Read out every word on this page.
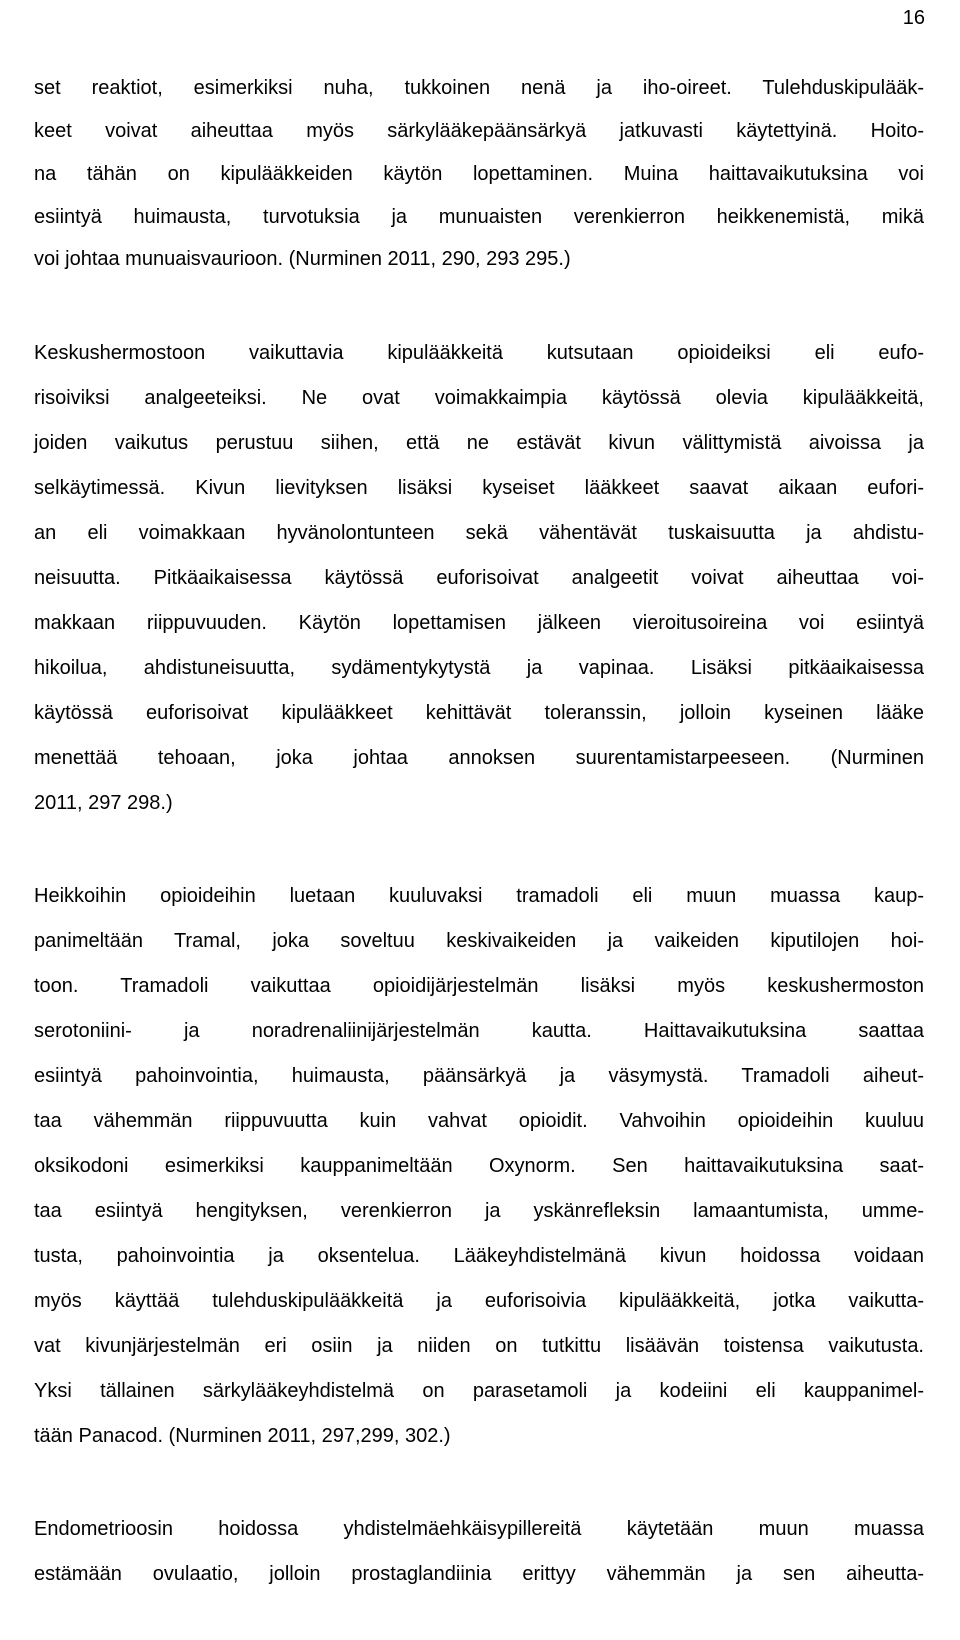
16
set reaktiot, esimerkiksi nuha, tukkoinen nenä ja iho-oireet. Tulehduskipulääk-
keet voivat aiheuttaa myös särkylääkepäänsärkyä jatkuvasti käytettyinä. Hoito-
na tähän on kipulääkkeiden käytön lopettaminen. Muina haittavaikutuksina voi
esiintyä huimausta, turvotuksia ja munuaisten verenkierron heikkenemistä, mikä
voi johtaa munuaisvaurioon. (Nurminen 2011, 290, 293 295.)
Keskushermostoon vaikuttavia kipulääkkeitä kutsutaan opioideiksi eli eufo-
risoiviksi analgeeteiksi. Ne ovat voimakkaimpia käytössä olevia kipulääkkeitä,
joiden vaikutus perustuu siihen, että ne estävät kivun välittymistä aivoissa ja
selkäytimessä. Kivun lievityksen lisäksi kyseiset lääkkeet saavat aikaan eufori-
an eli voimakkaan hyvänolontunteen sekä vähentävät tuskaisuutta ja ahdistu-
neisuutta. Pitkäaikaisessa käytössä euforisoivat analgeetit voivat aiheuttaa voi-
makkaan riippuvuuden. Käytön lopettamisen jälkeen vieroitusoireina voi esiintyä
hikoilua, ahdistuneisuutta, sydämentykytystä ja vapinaa. Lisäksi pitkäaikaisessa
käytössä euforisoivat kipulääkkeet kehittävät toleranssin, jolloin kyseinen lääke
menettää tehoaan, joka johtaa annoksen suurentamistarpeeseen. (Nurminen
2011, 297 298.)
Heikkoihin opioideihin luetaan kuuluvaksi tramadoli eli muun muassa kaup-
panimeltään Tramal, joka soveltuu keskivaikeiden ja vaikeiden kiputilojen hoi-
toon. Tramadoli vaikuttaa opioidijärjestelmän lisäksi myös keskushermoston
serotoniini- ja noradrenaliinijärjestelmän kautta. Haittavaikutuksina saattaa
esiintyä pahoinvointia, huimausta, päänsärkyä ja väsymystä. Tramadoli aiheut-
taa vähemmän riippuvuutta kuin vahvat opioidit. Vahvoihin opioideihin kuuluu
oksikodoni esimerkiksi kauppanimeltään Oxynorm. Sen haittavaikutuksina saat-
taa esiintyä hengityksen, verenkierron ja yskänrefleksin lamaantumista, umme-
tusta, pahoinvointia ja oksentelua. Lääkeyhdistelmänä kivun hoidossa voidaan
myös käyttää tulehduskipulääkkeitä ja euforisoivia kipulääkkeitä, jotka vaikutta-
vat kivunjärjestelmän eri osiin ja niiden on tutkittu lisäävän toistensa vaikutusta.
Yksi tällainen särkylääkeyhdistelmä on parasetamoli ja kodeiini eli kauppanimel-
tään Panacod. (Nurminen 2011, 297,299, 302.)
Endometrioosin hoidossa yhdistelmäehkäisypillereitä käytetään muun muassa
estämään ovulaatio, jolloin prostaglandiinia erittyy vähemmän ja sen aiheutta-
